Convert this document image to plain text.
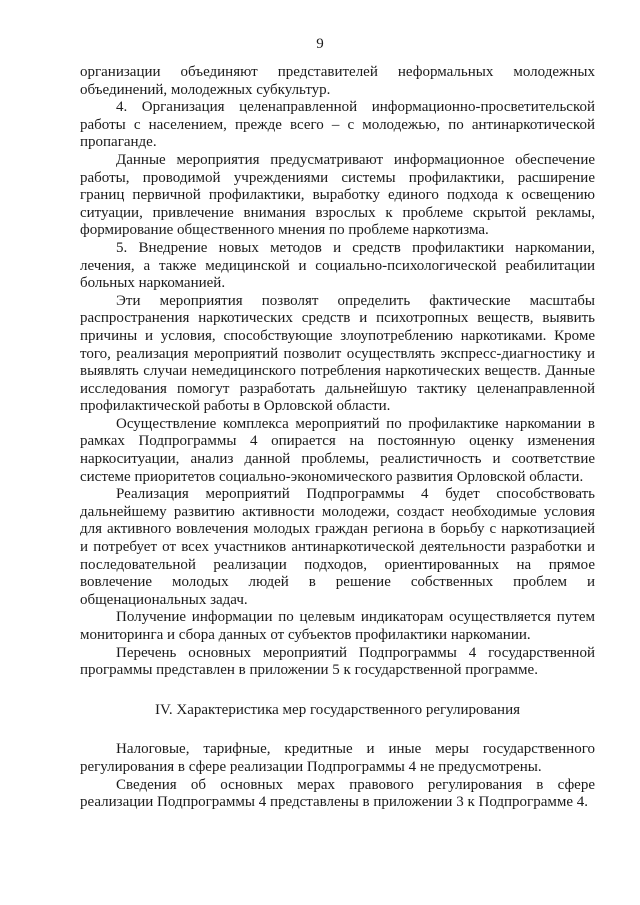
9

организации объединяют представителей неформальных молодежных объединений, молодежных субкультур.

4. Организация целенаправленной информационно-просветительской работы с населением, прежде всего – с молодежью, по антинаркотической пропаганде.

Данные мероприятия предусматривают информационное обеспечение работы, проводимой учреждениями системы профилактики, расширение границ первичной профилактики, выработку единого подхода к освещению ситуации, привлечение внимания взрослых к проблеме скрытой рекламы, формирование общественного мнения по проблеме наркотизма.

5. Внедрение новых методов и средств профилактики наркомании, лечения, а также медицинской и социально-психологической реабилитации больных наркоманией.

Эти мероприятия позволят определить фактические масштабы распространения наркотических средств и психотропных веществ, выявить причины и условия, способствующие злоупотреблению наркотиками. Кроме того, реализация мероприятий позволит осуществлять экспресс-диагностику и выявлять случаи немедицинского потребления наркотических веществ. Данные исследования помогут разработать дальнейшую тактику целенаправленной профилактической работы в Орловской области.

Осуществление комплекса мероприятий по профилактике наркомании в рамках Подпрограммы 4 опирается на постоянную оценку изменения наркоситуации, анализ данной проблемы, реалистичность и соответствие системе приоритетов социально-экономического развития Орловской области.

Реализация мероприятий Подпрограммы 4 будет способствовать дальнейшему развитию активности молодежи, создаст необходимые условия для активного вовлечения молодых граждан региона в борьбу с наркотизацией и потребует от всех участников антинаркотической деятельности разработки и последовательной реализации подходов, ориентированных на прямое вовлечение молодых людей в решение собственных проблем и общенациональных задач.

Получение информации по целевым индикаторам осуществляется путем мониторинга и сбора данных от субъектов профилактики наркомании.

Перечень основных мероприятий Подпрограммы 4 государственной программы представлен в приложении 5 к государственной программе.

IV. Характеристика мер государственного регулирования

Налоговые, тарифные, кредитные и иные меры государственного регулирования в сфере реализации Подпрограммы 4 не предусмотрены.

Сведения об основных мерах правового регулирования в сфере реализации Подпрограммы 4 представлены в приложении 3 к Подпрограмме 4.
